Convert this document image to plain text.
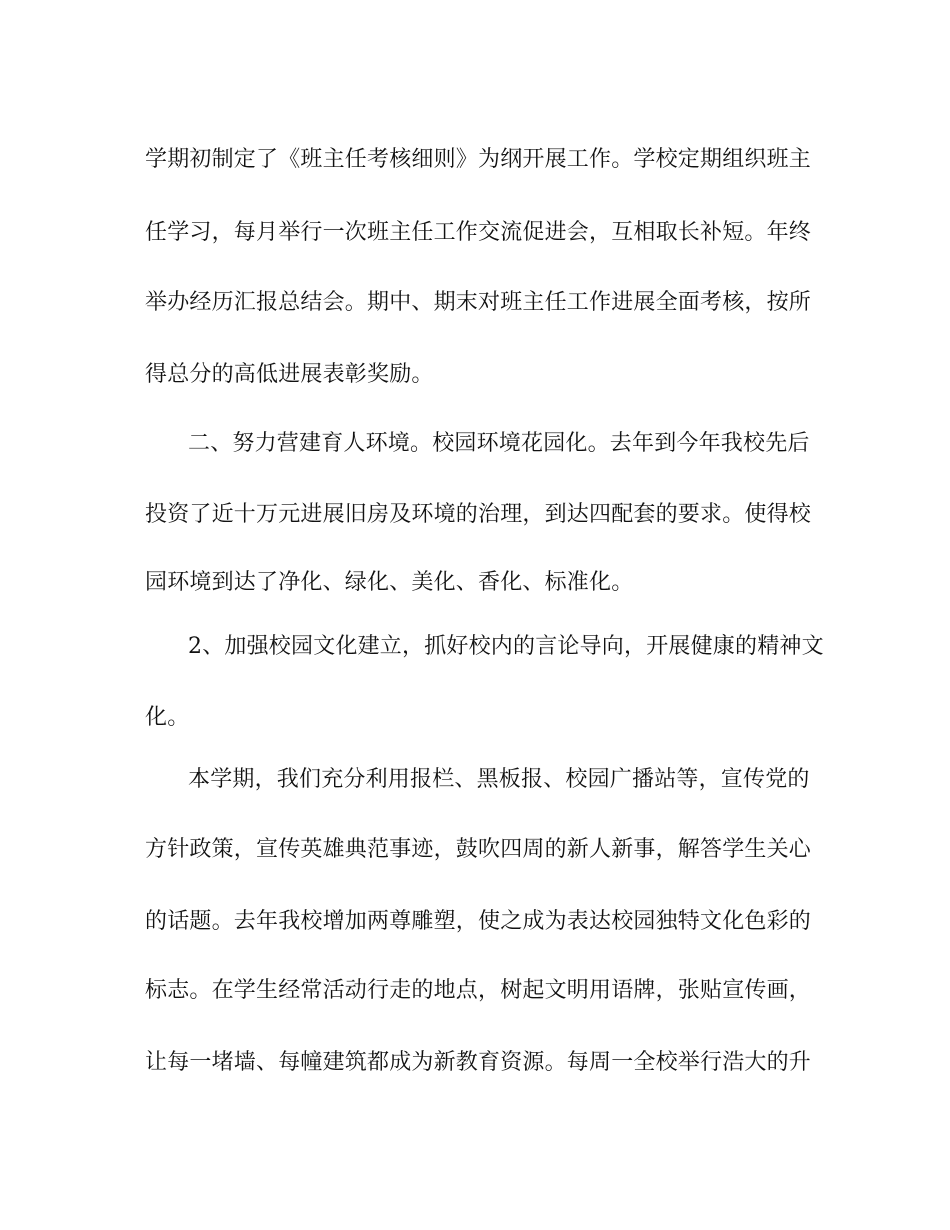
学期初制定了《班主任考核细则》为纲开展工作。学校定期组织班主
任学习，每月举行一次班主任工作交流促进会，互相取长补短。年终
举办经历汇报总结会。期中、期末对班主任工作进展全面考核，按所
得总分的高低进展表彰奖励。
二、努力营建育人环境。校园环境花园化。去年到今年我校先后
投资了近十万元进展旧房及环境的治理，到达四配套的要求。使得校
园环境到达了净化、绿化、美化、香化、标准化。
2、加强校园文化建立，抓好校内的言论导向，开展健康的精神文
化。
本学期，我们充分利用报栏、黑板报、校园广播站等，宣传党的
方针政策，宣传英雄典范事迹，鼓吹四周的新人新事，解答学生关心
的话题。去年我校增加两尊雕塑，使之成为表达校园独特文化色彩的
标志。在学生经常活动行走的地点，树起文明用语牌，张贴宣传画，
让每一堵墙、每幢建筑都成为新教育资源。每周一全校举行浩大的升
